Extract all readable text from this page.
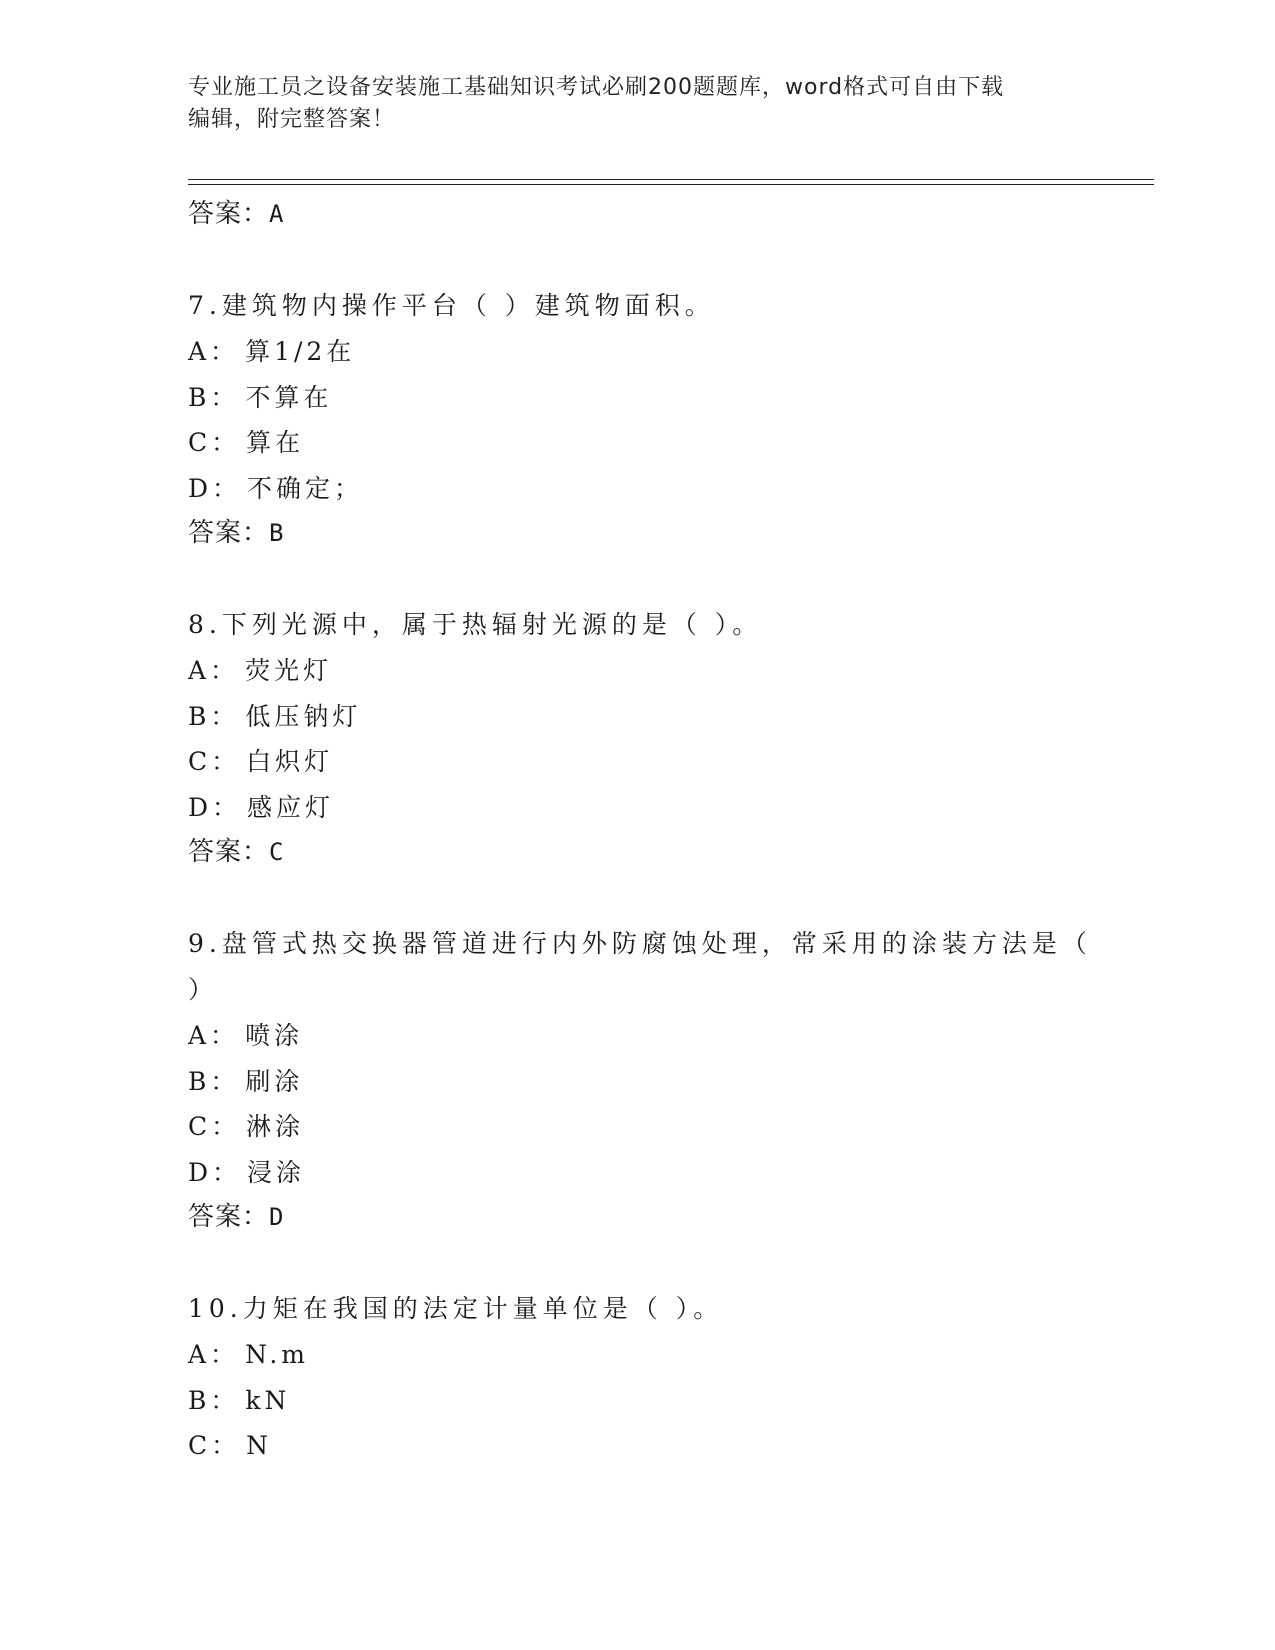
专业施工员之设备安装施工基础知识考试必刷200题题库，word格式可自由下载
编辑，附完整答案！
答案：A
7.建筑物内操作平台（ ）建筑物面积。
A： 算1/2在
B： 不算在
C： 算在
D： 不确定；
答案：B
8.下列光源中，属于热辐射光源的是（ ）。
A： 荧光灯
B： 低压钠灯
C： 白炽灯
D： 感应灯
答案：C
9.盘管式热交换器管道进行内外防腐蚀处理，常采用的涂装方法是（
）
A： 喷涂
B： 刷涂
C： 淋涂
D： 浸涂
答案：D
10.力矩在我国的法定计量单位是（ ）。
A： N.m
B： kN
C： N
